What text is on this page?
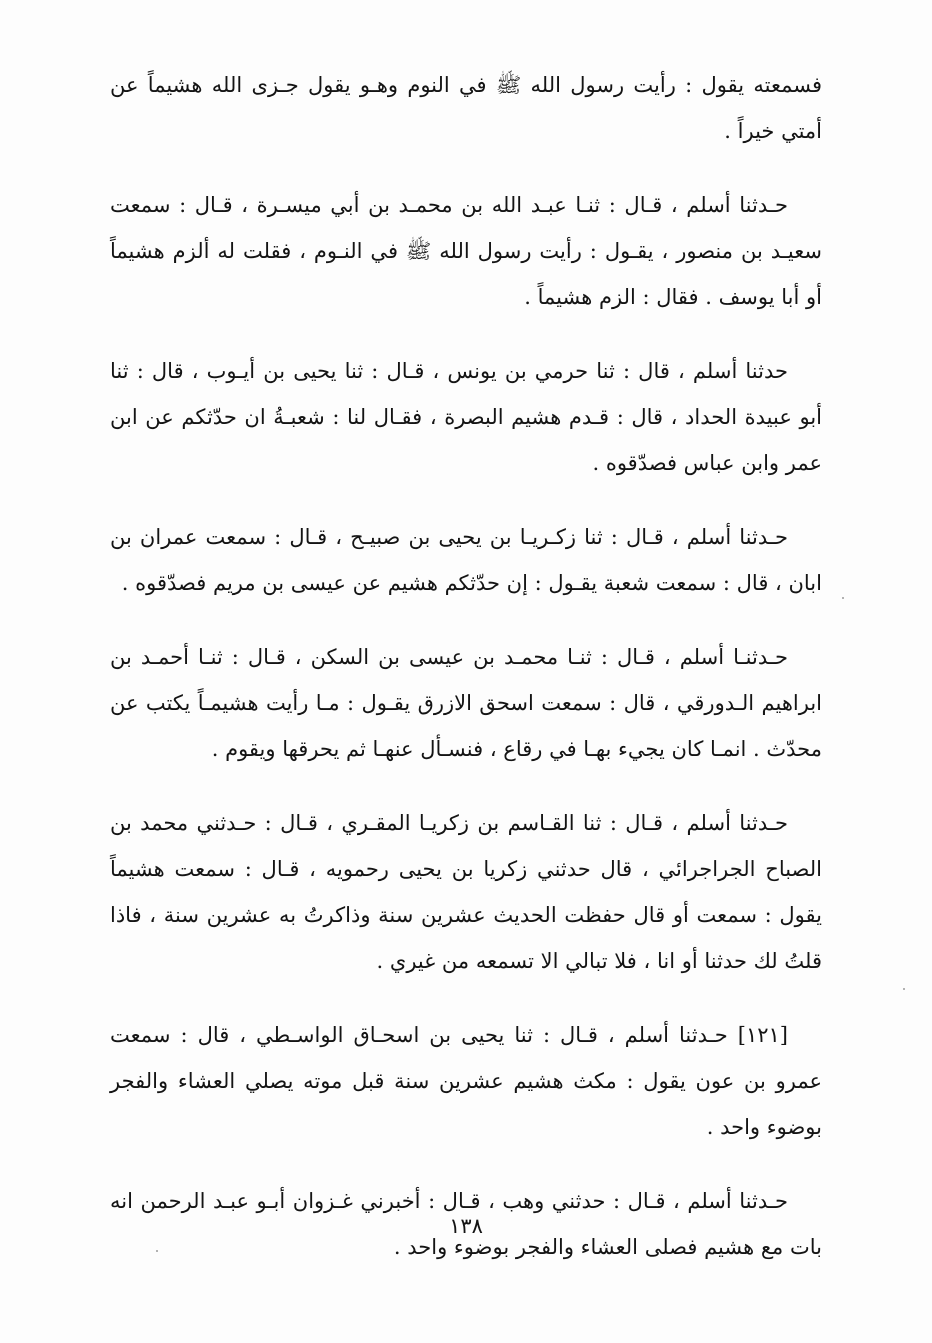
فسمعته يقول : رأيت رسول الله ﷺ في النوم وهـو يقول جـزى الله هشيماً عن أمتي خيراً .

حـدثنا أسلم ، قـال : ثنـا عبـد الله بن محمـد بن أبي ميسـرة ، قـال : سمعت سعيـد بن منصور ، يقـول : رأيت رسول الله ﷺ في النـوم ، فقلت له ألزم هشيماً أو أبا يوسف . فقال : الزم هشيماً .

حدثنا أسلم ، قال : ثنا حرمي بن يونس ، قـال : ثنا يحيى بن أيـوب ، قال : ثنا أبو عبيدة الحداد ، قال : قـدم هشيم البصرة ، فقـال لنا : شعبـةُ ان حدّثكم عن ابن عمر وابن عباس فصدّقوه .

حـدثنا أسلم ، قـال : ثنا زكـريـا بن يحيى بن صبيـح ، قـال : سمعت عمران بن ابان ، قال : سمعت شعبة يقـول : إن حدّثكم هشيم عن عيسى بن مريم فصدّقوه .

حـدثنـا أسلم ، قـال : ثنـا محمـد بن عيسى بن السكن ، قـال : ثنـا أحمـد بن ابراهيم الـدورقي ، قال : سمعت اسحق الازرق يقـول : مـا رأيت هشيمـاً يكتب عن محدّث . انمـا كان يجيء بهـا في رقاع ، فنسـأل عنهـا ثم يحرقها ويقوم .

حـدثنا أسلم ، قـال : ثنا القـاسم بن زكريـا المقـري ، قـال : حـدثني محمد بن الصباح الجراجرائي ، قال حدثني زكريا بن يحيى رحمويه ، قـال : سمعت هشيماً يقول : سمعت أو قال حفظت الحديث عشرين سنة وذاكرتُ به عشرين سنة ، فاذا قلتُ لك حدثنا أو انا ، فلا تبالي الا تسمعه من غيري .

[١٢١] حـدثنا أسلم ، قـال : ثنا يحيى بن اسحـاق الواسـطي ، قال : سمعت عمرو بن عون يقول : مكث هشيم عشرين سنة قبل موته يصلي العشاء والفجر بوضوء واحد .

حـدثنا أسلم ، قـال : حدثني وهب ، قـال : أخبرني غـزوان أبـو عبـد الرحمن انه بات مع هشيم فصلى العشاء والفجر بوضوء واحد .

١٣٨
